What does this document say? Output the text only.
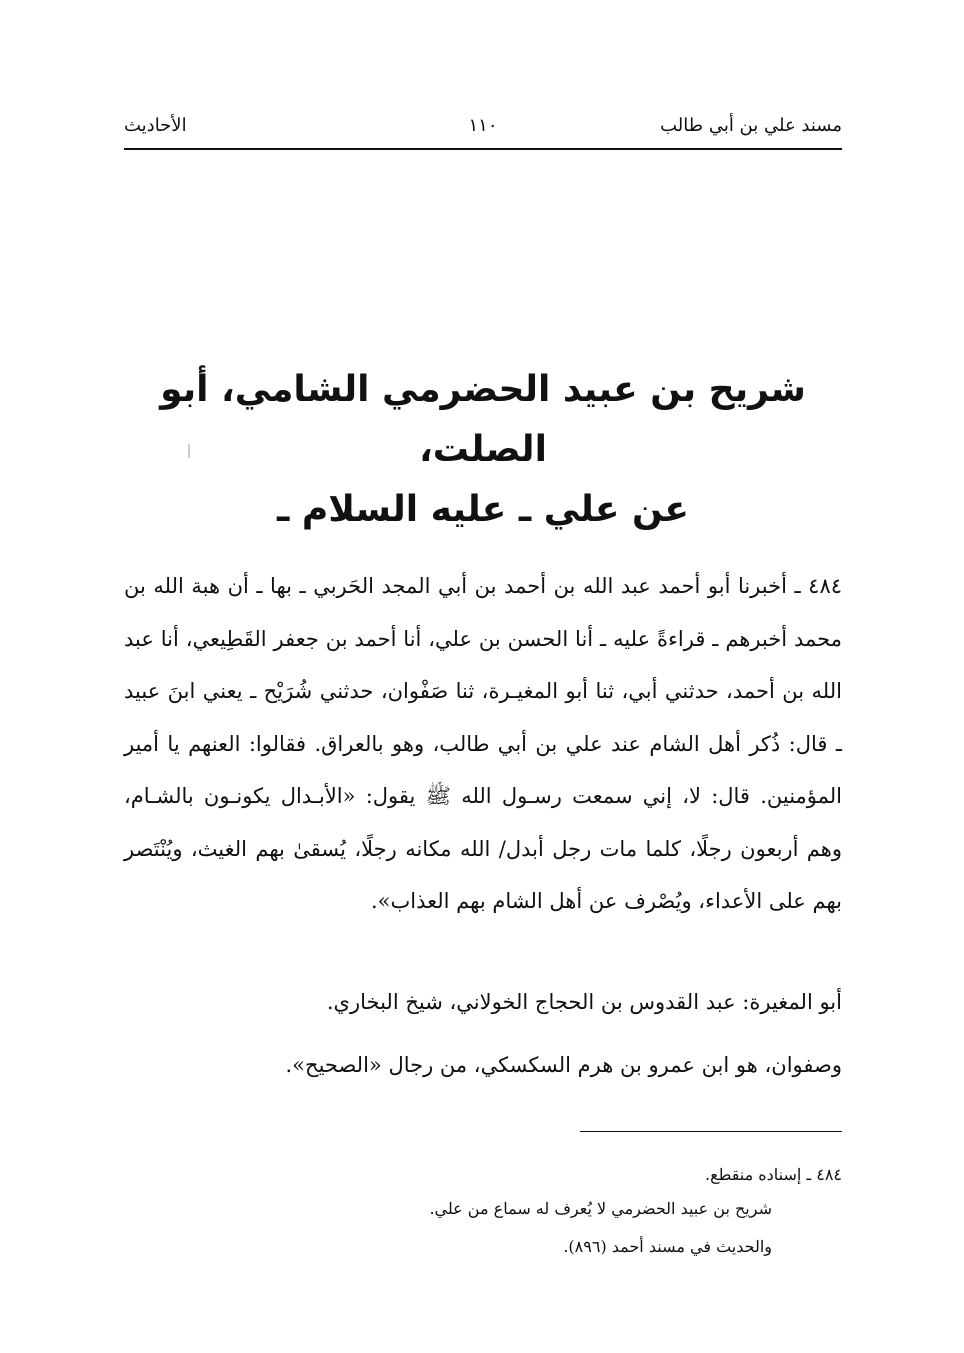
مسند علي بن أبي طالب
١١٠
الأحاديث
شريح بن عبيد الحضرمي الشامي، أبو الصلت،
عن علي ـ عليه السلام ـ
٤٨٤ ـ أخبرنا أبو أحمد عبد الله بن أحمد بن أبي المجد الحَربي ـ بها ـ أن هبة الله بن محمد أخبرهم ـ قراءةً عليه ـ أنا الحسن بن علي، أنا أحمد بن جعفر القَطِيعي، أنا عبد الله بن أحمد، حدثني أبي، ثنا أبو المغيـرة، ثنا صَفْوان، حدثني شُرَيْح ـ يعني ابنَ عبيد ـ قال: ذُكر أهل الشام عند علي بن أبي طالب، وهو بالعراق. فقالوا: العنهم يا أمير المؤمنين. قال: لا، إني سمعت رسـول الله ﷺ يقول: «الأبـدال يكونـون بالشـام، وهم أربعون رجلًا، كلما مات رجل أبدل/ الله مكانه رجلًا، يُسقىٰ بهم الغيث، ويُنْتَصر بهم على الأعداء، ويُصْرف عن أهل الشام بهم العذاب».
أبو المغيرة: عبد القدوس بن الحجاج الخولاني، شيخ البخاري.
وصفوان، هو ابن عمرو بن هرم السكسكي، من رجال «الصحيح».
٤٨٤ ـ إسناده منقطع.
شريح بن عبيد الحضرمي لا يُعرف له سماع من علي.
والحديث في مسند أحمد (٨٩٦).
